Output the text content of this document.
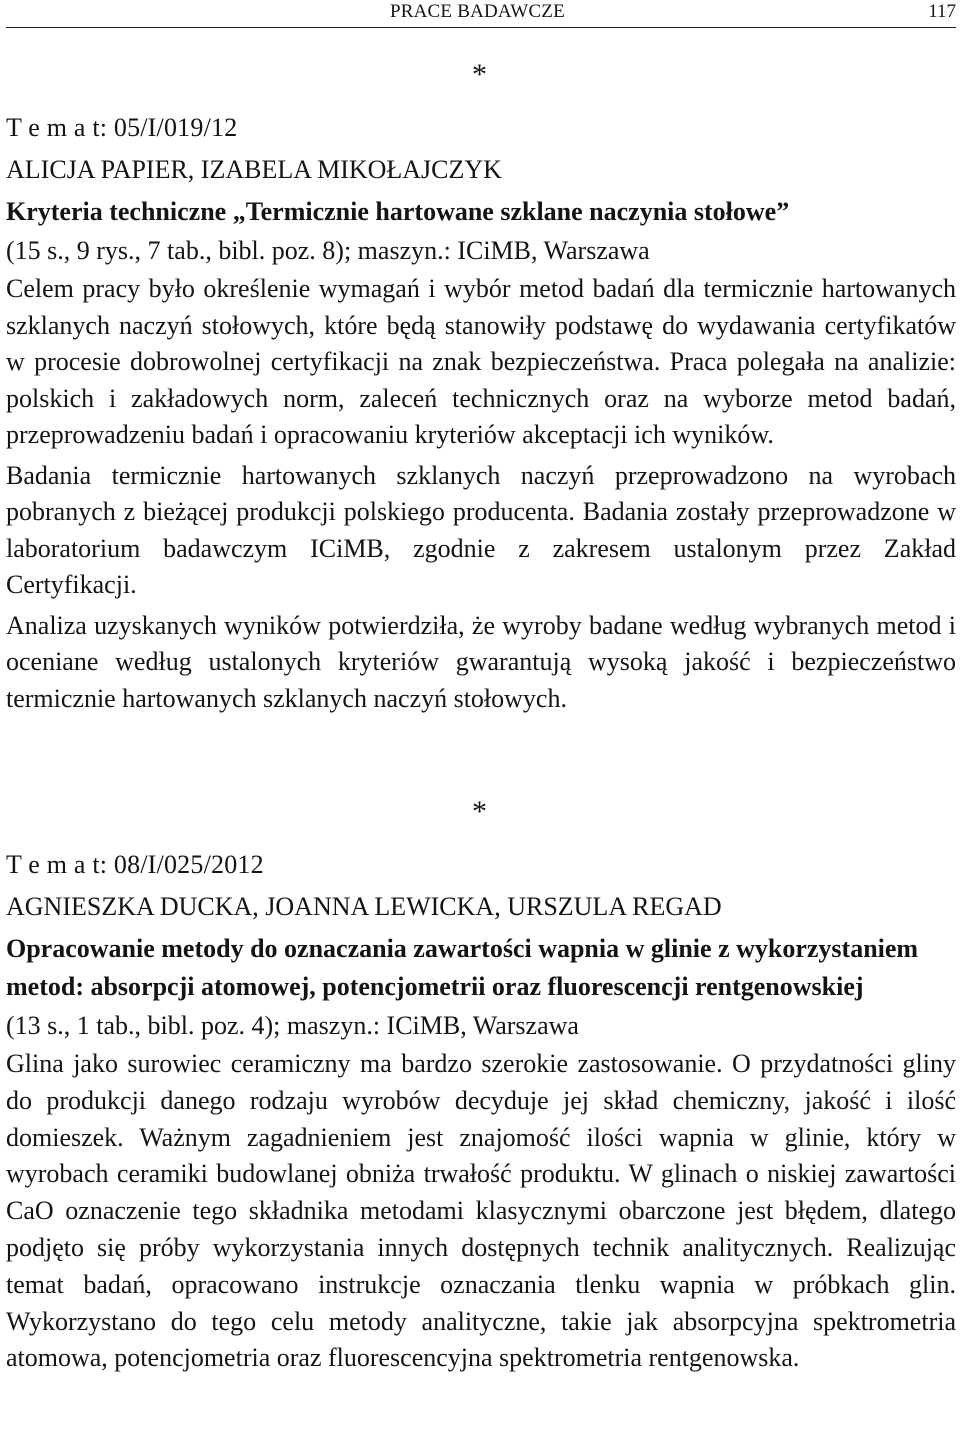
PRACE BADAWCZE	117
*
T e m a t: 05/I/019/12
ALICJA PAPIER, IZABELA MIKOŁAJCZYK
Kryteria techniczne „Termicznie hartowane szklane naczynia stołowe”
(15 s., 9 rys., 7 tab., bibl. poz. 8); maszyn.: ICiMB, Warszawa

Celem pracy było określenie wymagań i wybór metod badań dla termicznie hartowanych szklanych naczyń stołowych, które będą stanowiły podstawę do wydawania certyfikatów w procesie dobrowolnej certyfikacji na znak bezpieczeństwa. Praca polegała na analizie: polskich i zakładowych norm, zaleceń technicznych oraz na wyborze metod badań, przeprowadzeniu badań i opracowaniu kryteriów akceptacji ich wyników.

Badania termicznie hartowanych szklanych naczyń przeprowadzono na wyrobach pobranych z bieżącej produkcji polskiego producenta. Badania zostały przeprowadzone w laboratorium badawczym ICiMB, zgodnie z zakresem ustalonym przez Zakład Certyfikacji.

Analiza uzyskanych wyników potwierdziła, że wyroby badane według wybranych metod i oceniane według ustalonych kryteriów gwarantują wysoką jakość i bezpieczeństwo termicznie hartowanych szklanych naczyń stołowych.

*
T e m a t: 08/I/025/2012
AGNIESZKA DUCKA, JOANNA LEWICKA, URSZULA REGAD
Opracowanie metody do oznaczania zawartości wapnia w glinie z wykorzystaniem metod: absorpcji atomowej, potencjometrii oraz fluorescencji rentgenowskiej
(13 s., 1 tab., bibl. poz. 4); maszyn.: ICiMB, Warszawa

Glina jako surowiec ceramiczny ma bardzo szerokie zastosowanie. O przydatności gliny do produkcji danego rodzaju wyrobów decyduje jej skład chemiczny, jakość i ilość domieszek. Ważnym zagadnieniem jest znajomość ilości wapnia w glinie, który w wyrobach ceramiki budowlanej obniża trwałość produktu. W glinach o niskiej zawartości CaO oznaczenie tego składnika metodami klasycznymi obarczone jest błędem, dlatego podjęto się próby wykorzystania innych dostępnych technik analitycznych. Realizując temat badań, opracowano instrukcje oznaczania tlenku wapnia w próbkach glin. Wykorzystano do tego celu metody analityczne, takie jak absorpcyjna spektrometria atomowa, potencjometria oraz fluorescencyjna spektrometria rentgenowska.
